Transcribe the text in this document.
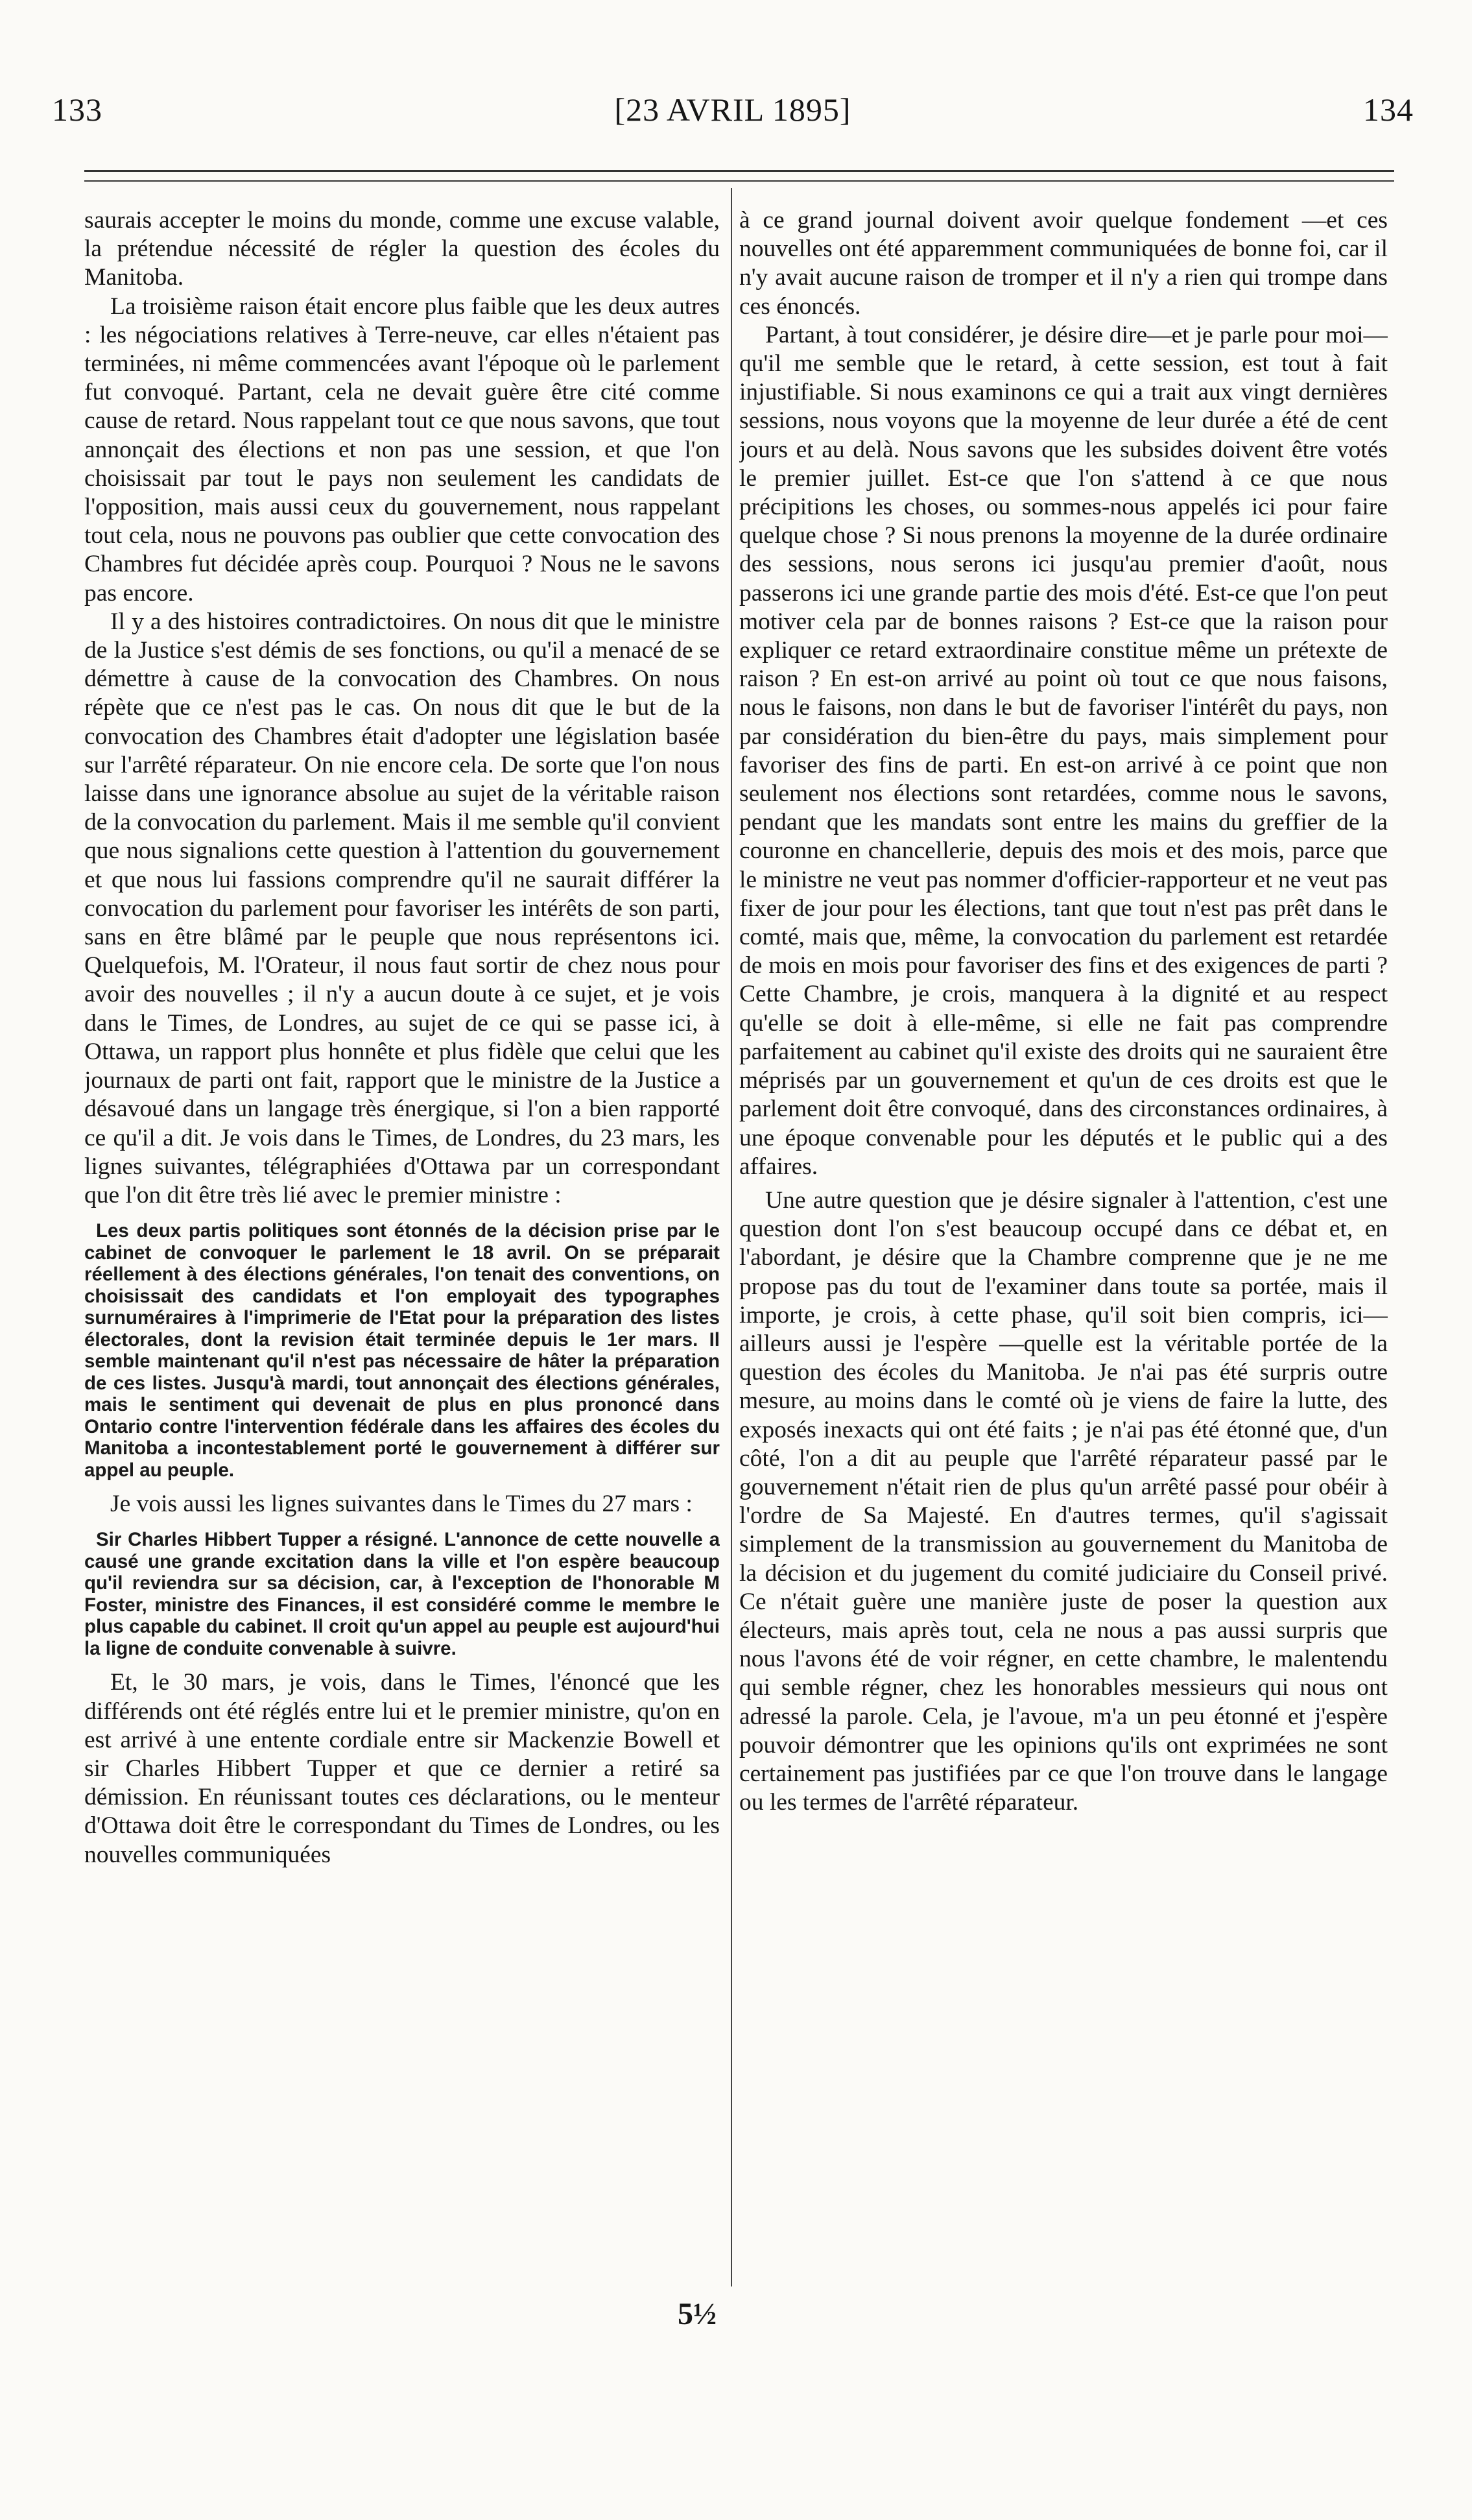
133	[23 AVRIL 1895]	134

saurais accepter le moins du monde, comme une excuse valable, la prétendue nécessité de régler la question des écoles du Manitoba.

La troisième raison était encore plus faible que les deux autres : les négociations relatives à Terre-neuve, car elles n'étaient pas terminées, ni même commencées avant l'époque où le parlement fut convoqué. Partant, cela ne devait guère être cité comme cause de retard. Nous rappelant tout ce que nous savons, que tout annonçait des élections et non pas une session, et que l'on choisissait par tout le pays non seulement les candidats de l'opposition, mais aussi ceux du gouvernement, nous rappelant tout cela, nous ne pouvons pas oublier que cette convocation des Chambres fut décidée après coup. Pourquoi ? Nous ne le savons pas encore.

Il y a des histoires contradictoires. On nous dit que le ministre de la Justice s'est démis de ses fonctions, ou qu'il a menacé de se démettre à cause de la convocation des Chambres. On nous répète que ce n'est pas le cas. On nous dit que le but de la convocation des Chambres était d'adopter une législation basée sur l'arrêté réparateur. On nie encore cela. De sorte que l'on nous laisse dans une ignorance absolue au sujet de la véritable raison de la convocation du parlement. Mais il me semble qu'il convient que nous signalions cette question à l'attention du gouvernement et que nous lui fassions comprendre qu'il ne saurait différer la convocation du parlement pour favoriser les intérêts de son parti, sans en être blâmé par le peuple que nous représentons ici. Quelquefois, M. l'Orateur, il nous faut sortir de chez nous pour avoir des nouvelles ; il n'y a aucun doute à ce sujet, et je vois dans le Times, de Londres, au sujet de ce qui se passe ici, à Ottawa, un rapport plus honnête et plus fidèle que celui que les journaux de parti ont fait, rapport que le ministre de la Justice a désavoué dans un langage très énergique, si l'on a bien rapporté ce qu'il a dit. Je vois dans le Times, de Londres, du 23 mars, les lignes suivantes, télégraphiées d'Ottawa par un correspondant que l'on dit être très lié avec le premier ministre :

Les deux partis politiques sont étonnés de la décision prise par le cabinet de convoquer le parlement le 18 avril. On se préparait réellement à des élections générales, l'on tenait des conventions, on choisissait des candidats et l'on employait des typographes surnuméraires à l'imprimerie de l'Etat pour la préparation des listes électorales, dont la revision était terminée depuis le 1er mars. Il semble maintenant qu'il n'est pas nécessaire de hâter la préparation de ces listes. Jusqu'à mardi, tout annonçait des élections générales, mais le sentiment qui devenait de plus en plus prononcé dans Ontario contre l'intervention fédérale dans les affaires des écoles du Manitoba a incontestablement porté le gouvernement à différer sur appel au peuple.

Je vois aussi les lignes suivantes dans le Times du 27 mars :

Sir Charles Hibbert Tupper a résigné. L'annonce de cette nouvelle a causé une grande excitation dans la ville et l'on espère beaucoup qu'il reviendra sur sa décision, car, à l'exception de l'honorable M Foster, ministre des Finances, il est considéré comme le membre le plus capable du cabinet. Il croit qu'un appel au peuple est aujourd'hui la ligne de conduite convenable à suivre.

Et, le 30 mars, je vois, dans le Times, l'énoncé que les différends ont été réglés entre lui et le premier ministre, qu'on en est arrivé à une entente cordiale entre sir Mackenzie Bowell et sir Charles Hibbert Tupper et que ce dernier a retiré sa démission. En réunissant toutes ces déclarations, ou le menteur d'Ottawa doit être le correspondant du Times de Londres, ou les nouvelles communiquées

à ce grand journal doivent avoir quelque fondement —et ces nouvelles ont été apparemment communiquées de bonne foi, car il n'y avait aucune raison de tromper et il n'y a rien qui trompe dans ces énoncés.

Partant, à tout considérer, je désire dire—et je parle pour moi—qu'il me semble que le retard, à cette session, est tout à fait injustifiable. Si nous examinons ce qui a trait aux vingt dernières sessions, nous voyons que la moyenne de leur durée a été de cent jours et au delà. Nous savons que les subsides doivent être votés le premier juillet. Est-ce que l'on s'attend à ce que nous précipitions les choses, ou sommes-nous appelés ici pour faire quelque chose ? Si nous prenons la moyenne de la durée ordinaire des sessions, nous serons ici jusqu'au premier d'août, nous passerons ici une grande partie des mois d'été. Est-ce que l'on peut motiver cela par de bonnes raisons ? Est-ce que la raison pour expliquer ce retard extraordinaire constitue même un prétexte de raison ? En est-on arrivé au point où tout ce que nous faisons, nous le faisons, non dans le but de favoriser l'intérêt du pays, non par considération du bien-être du pays, mais simplement pour favoriser des fins de parti. En est-on arrivé à ce point que non seulement nos élections sont retardées, comme nous le savons, pendant que les mandats sont entre les mains du greffier de la couronne en chancellerie, depuis des mois et des mois, parce que le ministre ne veut pas nommer d'officier-rapporteur et ne veut pas fixer de jour pour les élections, tant que tout n'est pas prêt dans le comté, mais que, même, la convocation du parlement est retardée de mois en mois pour favoriser des fins et des exigences de parti ? Cette Chambre, je crois, manquera à la dignité et au respect qu'elle se doit à elle-même, si elle ne fait pas comprendre parfaitement au cabinet qu'il existe des droits qui ne sauraient être méprisés par un gouvernement et qu'un de ces droits est que le parlement doit être convoqué, dans des circonstances ordinaires, à une époque convenable pour les députés et le public qui a des affaires.

Une autre question que je désire signaler à l'attention, c'est une question dont l'on s'est beaucoup occupé dans ce débat et, en l'abordant, je désire que la Chambre comprenne que je ne me propose pas du tout de l'examiner dans toute sa portée, mais il importe, je crois, à cette phase, qu'il soit bien compris, ici—ailleurs aussi je l'espère —quelle est la véritable portée de la question des écoles du Manitoba. Je n'ai pas été surpris outre mesure, au moins dans le comté où je viens de faire la lutte, des exposés inexacts qui ont été faits ; je n'ai pas été étonné que, d'un côté, l'on a dit au peuple que l'arrêté réparateur passé par le gouvernement n'était rien de plus qu'un arrêté passé pour obéir à l'ordre de Sa Majesté. En d'autres termes, qu'il s'agissait simplement de la transmission au gouvernement du Manitoba de la décision et du jugement du comité judiciaire du Conseil privé. Ce n'était guère une manière juste de poser la question aux électeurs, mais après tout, cela ne nous a pas aussi surpris que nous l'avons été de voir régner, en cette chambre, le malentendu qui semble régner, chez les honorables messieurs qui nous ont adressé la parole. Cela, je l'avoue, m'a un peu étonné et j'espère pouvoir démontrer que les opinions qu'ils ont exprimées ne sont certainement pas justifiées par ce que l'on trouve dans le langage ou les termes de l'arrêté réparateur.

5½
